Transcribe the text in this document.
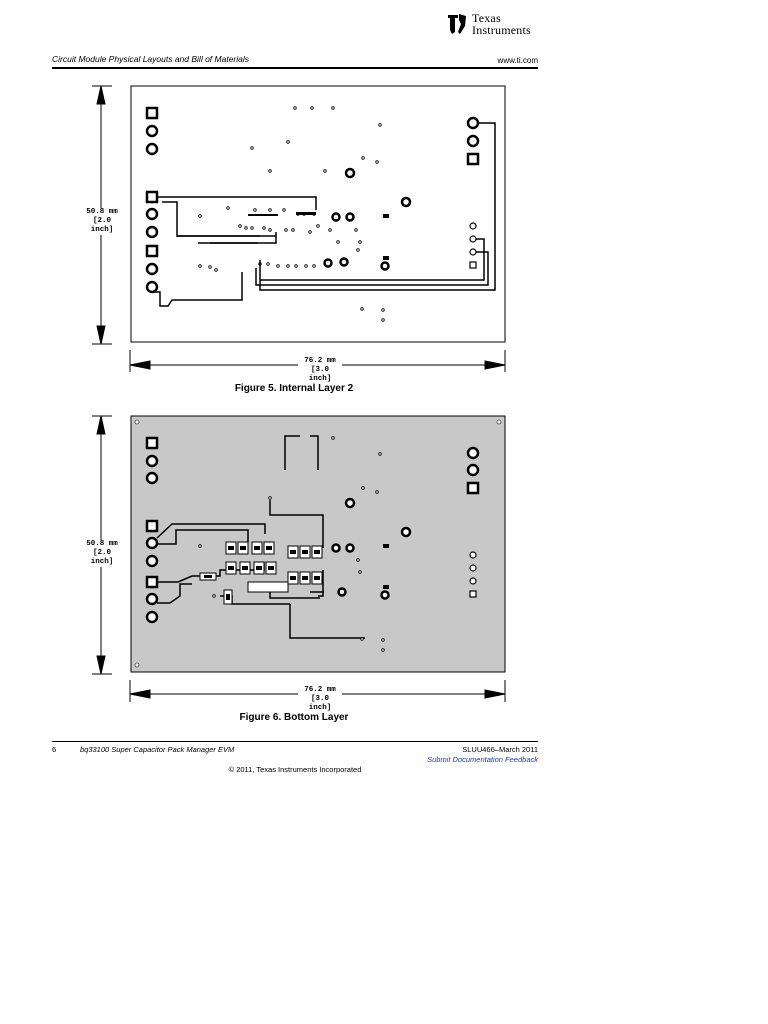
Texas
Instruments
Circuit Module Physical Layouts and Bill of Materials	www.ti.com
50.8 mm
[2.0 inch]
76.2 mm
[3.0 inch]
Figure 5. Internal Layer 2
50.8 mm
[2.0 inch]
76.2 mm
[3.0 inch]
Figure 6. Bottom Layer
6	bq33100 Super Capacitor Pack Manager EVM	SLUU466–March 2011
Submit Documentation Feedback
© 2011, Texas Instruments Incorporated
